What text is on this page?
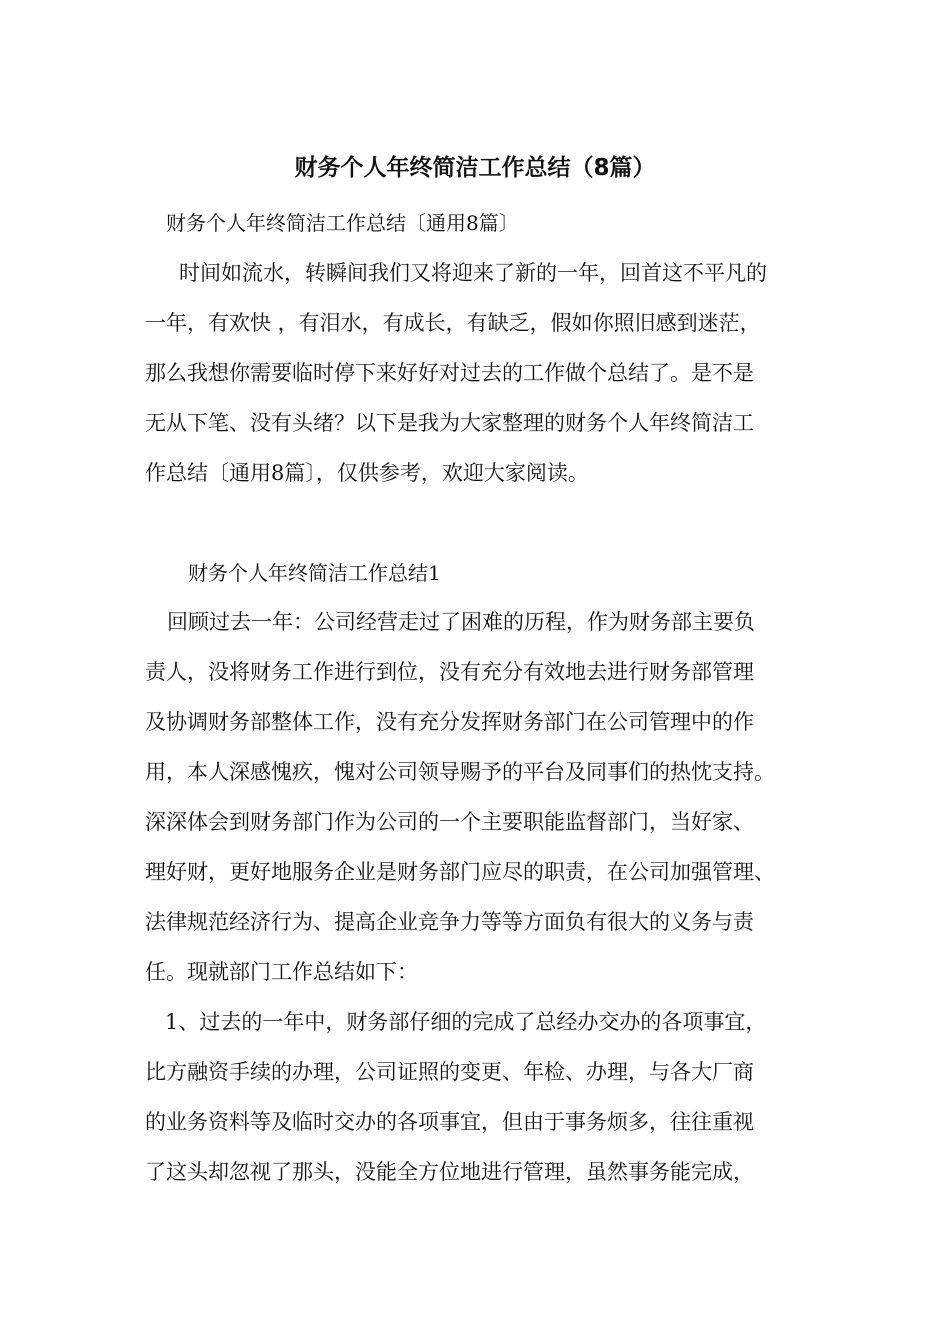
财务个人年终简洁工作总结（8篇）
财务个人年终简洁工作总结〔通用8篇〕
时间如流水，转瞬间我们又将迎来了新的一年，回首这不平凡的
一年，有欢快 ，有泪水，有成长，有缺乏，假如你照旧感到迷茫，
那么我想你需要临时停下来好好对过去的工作做个总结了。是不是
无从下笔、没有头绪？以下是我为大家整理的财务个人年终简洁工
作总结〔通用8篇〕，仅供参考，欢迎大家阅读。
财务个人年终简洁工作总结1
回顾过去一年：公司经营走过了困难的历程，作为财务部主要负
责人，没将财务工作进行到位，没有充分有效地去进行财务部管理
及协调财务部整体工作，没有充分发挥财务部门在公司管理中的作
用，本人深感愧疚，愧对公司领导赐予的平台及同事们的热忱支持。
深深体会到财务部门作为公司的一个主要职能监督部门，当好家、
理好财，更好地服务企业是财务部门应尽的职责，在公司加强管理、
法律规范经济行为、提高企业竞争力等等方面负有很大的义务与责
任。现就部门工作总结如下：
1、过去的一年中，财务部仔细的完成了总经办交办的各项事宜，
比方融资手续的办理，公司证照的变更、年检、办理，与各大厂商
的业务资料等及临时交办的各项事宜，但由于事务烦多，往往重视
了这头却忽视了那头，没能全方位地进行管理，虽然事务能完成，
